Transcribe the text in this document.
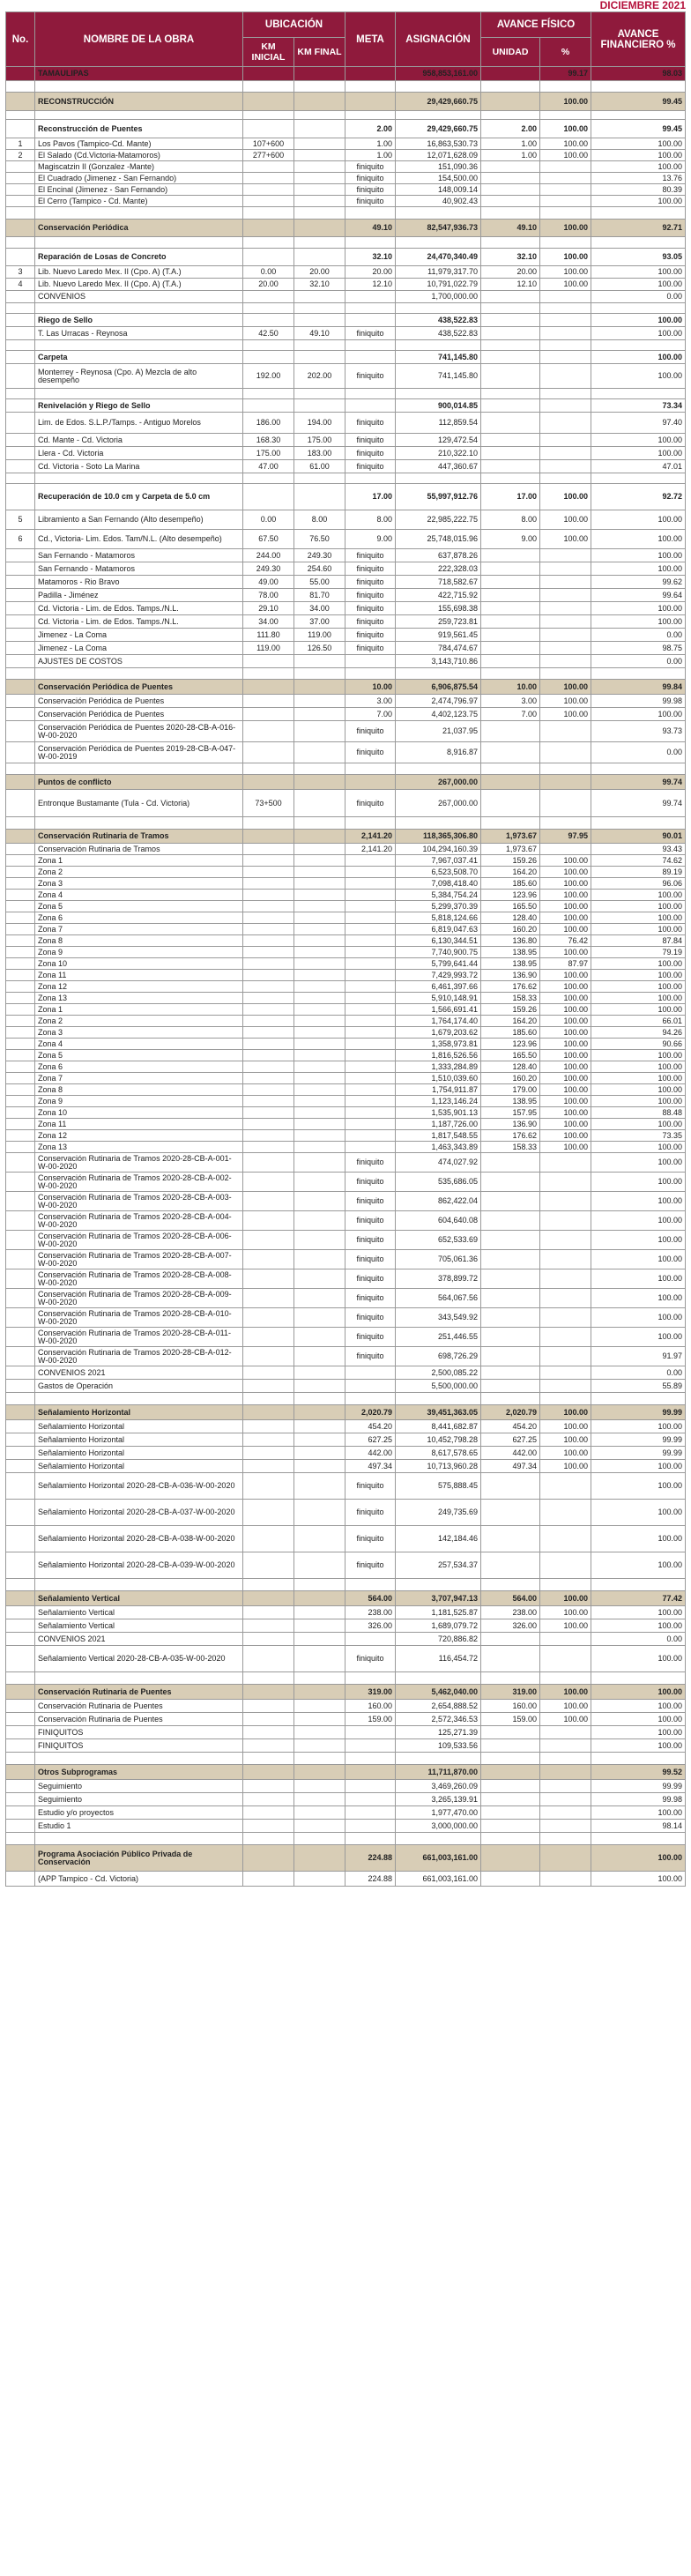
DICIEMBRE 2021
No.	NOMBRE DE LA OBRA	UBICACIÓN		META	ASIGNACIÓN	AVANCE FÍSICO		AVANCE FINANCIERO %
		KM INICIAL	KM FINAL			UNIDAD	%	
	TAMAULIPAS				958,853,161.00		99.17	98.03

	RECONSTRUCCIÓN				29,429,660.75		100.00	99.45

	Reconstrucción de Puentes			2.00	29,429,660.75	2.00	100.00	99.45
1	Los Pavos (Tampico-Cd. Mante)	107+600		1.00	16,863,530.73	1.00	100.00	100.00
2	El Salado (Cd.Victoria-Matamoros)	277+600		1.00	12,071,628.09	1.00	100.00	100.00
	Magiscatzin II (Gonzalez -Mante)			finiquito	151,090.36			100.00
	El Cuadrado (Jimenez - San Fernando)			finiquito	154,500.00			13.76
	El Encinal (Jimenez - San Fernando)			finiquito	148,009.14			80.39
	El Cerro (Tampico - Cd. Mante)			finiquito	40,902.43			100.00

	Conservación Periódica			49.10	82,547,936.73	49.10	100.00	92.71

	Reparación de Losas de Concreto			32.10	24,470,340.49	32.10	100.00	93.05
3	Lib. Nuevo Laredo Mex. II (Cpo. A) (T.A.)	0.00	20.00	20.00	11,979,317.70	20.00	100.00	100.00
4	Lib. Nuevo Laredo Mex. II (Cpo. A) (T.A.)	20.00	32.10	12.10	10,791,022.79	12.10	100.00	100.00
	CONVENIOS				1,700,000.00			0.00

	Riego de Sello				438,522.83			100.00
	T. Las Urracas - Reynosa	42.50	49.10	finiquito	438,522.83			100.00

	Carpeta				741,145.80			100.00
	Monterrey - Reynosa (Cpo. A) Mezcla de alto desempeño	192.00	202.00	finiquito	741,145.80			100.00

	Renivelación y Riego de Sello				900,014.85			73.34
	Lim. de Edos. S.L.P./Tamps. - Antiguo Morelos	186.00	194.00	finiquito	112,859.54			97.40
	Cd. Mante - Cd. Victoria	168.30	175.00	finiquito	129,472.54			100.00
	Llera - Cd. Victoria	175.00	183.00	finiquito	210,322.10			100.00
	Cd. Victoria - Soto La Marina	47.00	61.00	finiquito	447,360.67			47.01

	Recuperación de 10.0 cm y Carpeta de 5.0 cm			17.00	55,997,912.76	17.00	100.00	92.72
5	Libramiento a San Fernando (Alto desempeño)	0.00	8.00	8.00	22,985,222.75	8.00	100.00	100.00
6	Cd., Victoria- Lim. Edos. Tam/N.L. (Alto desempeño)	67.50	76.50	9.00	25,748,015.96	9.00	100.00	100.00
	San Fernando - Matamoros	244.00	249.30	finiquito	637,878.26			100.00
	San Fernando - Matamoros	249.30	254.60	finiquito	222,328.03			100.00
	Matamoros - Rio Bravo	49.00	55.00	finiquito	718,582.67			99.62
	Padilla - Jiménez	78.00	81.70	finiquito	422,715.92			99.64
	Cd. Victoria - Lim. de Edos. Tamps./N.L.	29.10	34.00	finiquito	155,698.38			100.00
	Cd. Victoria - Lim. de Edos. Tamps./N.L.	34.00	37.00	finiquito	259,723.81			100.00
	Jimenez - La Coma	111.80	119.00	finiquito	919,561.45			0.00
	Jimenez - La Coma	119.00	126.50	finiquito	784,474.67			98.75
	AJUSTES DE COSTOS				3,143,710.86			0.00

	Conservación Periódica de Puentes			10.00	6,906,875.54	10.00	100.00	99.84
	Conservación Periódica de Puentes			3.00	2,474,796.97	3.00	100.00	99.98
	Conservación Periódica de Puentes			7.00	4,402,123.75	7.00	100.00	100.00
	Conservación Periódica de Puentes 2020-28-CB-A-016-W-00-2020			finiquito	21,037.95			93.73
	Conservación Periódica de Puentes 2019-28-CB-A-047-W-00-2019			finiquito	8,916.87			0.00

	Puntos de conflicto				267,000.00			99.74
	Entronque Bustamante (Tula - Cd. Victoria)	73+500		finiquito	267,000.00			99.74

	Conservación Rutinaria de Tramos			2,141.20	118,365,306.80	1,973.67	97.95	90.01
	Conservación Rutinaria de Tramos			2,141.20	104,294,160.39	1,973.67		93.43
	Zona 1				7,967,037.41	159.26	100.00	74.62
	Zona 2				6,523,508.70	164.20	100.00	89.19
	Zona 3				7,098,418.40	185.60	100.00	96.06
	Zona 4				5,384,754.24	123.96	100.00	100.00
	Zona 5				5,299,370.39	165.50	100.00	100.00
	Zona 6				5,818,124.66	128.40	100.00	100.00
	Zona 7				6,819,047.63	160.20	100.00	100.00
	Zona 8				6,130,344.51	136.80	76.42	87.84
	Zona 9				7,740,900.75	138.95	100.00	79.19
	Zona 10				5,799,641.44	138.95	87.97	100.00
	Zona 11				7,429,993.72	136.90	100.00	100.00
	Zona 12				6,461,397.66	176.62	100.00	100.00
	Zona 13				5,910,148.91	158.33	100.00	100.00
	Zona 1				1,566,691.41	159.26	100.00	100.00
	Zona 2				1,764,174.40	164.20	100.00	66.01
	Zona 3				1,679,203.62	185.60	100.00	94.26
	Zona 4				1,358,973.81	123.96	100.00	90.66
	Zona 5				1,816,526.56	165.50	100.00	100.00
	Zona 6				1,333,284.89	128.40	100.00	100.00
	Zona 7				1,510,039.60	160.20	100.00	100.00
	Zona 8				1,754,911.87	179.00	100.00	100.00
	Zona 9				1,123,146.24	138.95	100.00	100.00
	Zona 10				1,535,901.13	157.95	100.00	88.48
	Zona 11				1,187,726.00	136.90	100.00	100.00
	Zona 12				1,817,548.55	176.62	100.00	73.35
	Zona 13				1,463,343.89	158.33	100.00	100.00
	Conservación Rutinaria de Tramos 2020-28-CB-A-001-W-00-2020			finiquito	474,027.92			100.00
	Conservación Rutinaria de Tramos 2020-28-CB-A-002-W-00-2020			finiquito	535,686.05			100.00
	Conservación Rutinaria de Tramos 2020-28-CB-A-003-W-00-2020			finiquito	862,422.04			100.00
	Conservación Rutinaria de Tramos 2020-28-CB-A-004-W-00-2020			finiquito	604,640.08			100.00
	Conservación Rutinaria de Tramos 2020-28-CB-A-006-W-00-2020			finiquito	652,533.69			100.00
	Conservación Rutinaria de Tramos 2020-28-CB-A-007-W-00-2020			finiquito	705,061.36			100.00
	Conservación Rutinaria de Tramos 2020-28-CB-A-008-W-00-2020			finiquito	378,899.72			100.00
	Conservación Rutinaria de Tramos 2020-28-CB-A-009-W-00-2020			finiquito	564,067.56			100.00
	Conservación Rutinaria de Tramos 2020-28-CB-A-010-W-00-2020			finiquito	343,549.92			100.00
	Conservación Rutinaria de Tramos 2020-28-CB-A-011-W-00-2020			finiquito	251,446.55			100.00
	Conservación Rutinaria de Tramos 2020-28-CB-A-012-W-00-2020			finiquito	698,726.29			91.97
	CONVENIOS 2021				2,500,085.22			0.00
	Gastos de Operación				5,500,000.00			55.89

	Señalamiento Horizontal			2,020.79	39,451,363.05	2,020.79	100.00	99.99
	Señalamiento Horizontal			454.20	8,441,682.87	454.20	100.00	100.00
	Señalamiento Horizontal			627.25	10,452,798.28	627.25	100.00	99.99
	Señalamiento Horizontal			442.00	8,617,578.65	442.00	100.00	99.99
	Señalamiento Horizontal			497.34	10,713,960.28	497.34	100.00	100.00
	Señalamiento Horizontal 2020-28-CB-A-036-W-00-2020			finiquito	575,888.45			100.00
	Señalamiento Horizontal 2020-28-CB-A-037-W-00-2020			finiquito	249,735.69			100.00
	Señalamiento Horizontal 2020-28-CB-A-038-W-00-2020			finiquito	142,184.46			100.00
	Señalamiento Horizontal 2020-28-CB-A-039-W-00-2020			finiquito	257,534.37			100.00

	Señalamiento Vertical			564.00	3,707,947.13	564.00	100.00	77.42
	Señalamiento Vertical			238.00	1,181,525.87	238.00	100.00	100.00
	Señalamiento Vertical			326.00	1,689,079.72	326.00	100.00	100.00
	CONVENIOS 2021				720,886.82			0.00
	Señalamiento Vertical 2020-28-CB-A-035-W-00-2020			finiquito	116,454.72			100.00

	Conservación Rutinaria de Puentes			319.00	5,462,040.00	319.00	100.00	100.00
	Conservación Rutinaria de Puentes			160.00	2,654,888.52	160.00	100.00	100.00
	Conservación Rutinaria de Puentes			159.00	2,572,346.53	159.00	100.00	100.00
	FINIQUITOS				125,271.39			100.00
	FINIQUITOS				109,533.56			100.00

	Otros Subprogramas				11,711,870.00			99.52
	Seguimiento				3,469,260.09			99.99
	Seguimiento				3,265,139.91			99.98
	Estudio y/o proyectos				1,977,470.00			100.00
	Estudio 1				3,000,000.00			98.14

	Programa Asociación Público Privada de Conservación			224.88	661,003,161.00			100.00
	(APP Tampico - Cd. Victoria)			224.88	661,003,161.00			100.00
